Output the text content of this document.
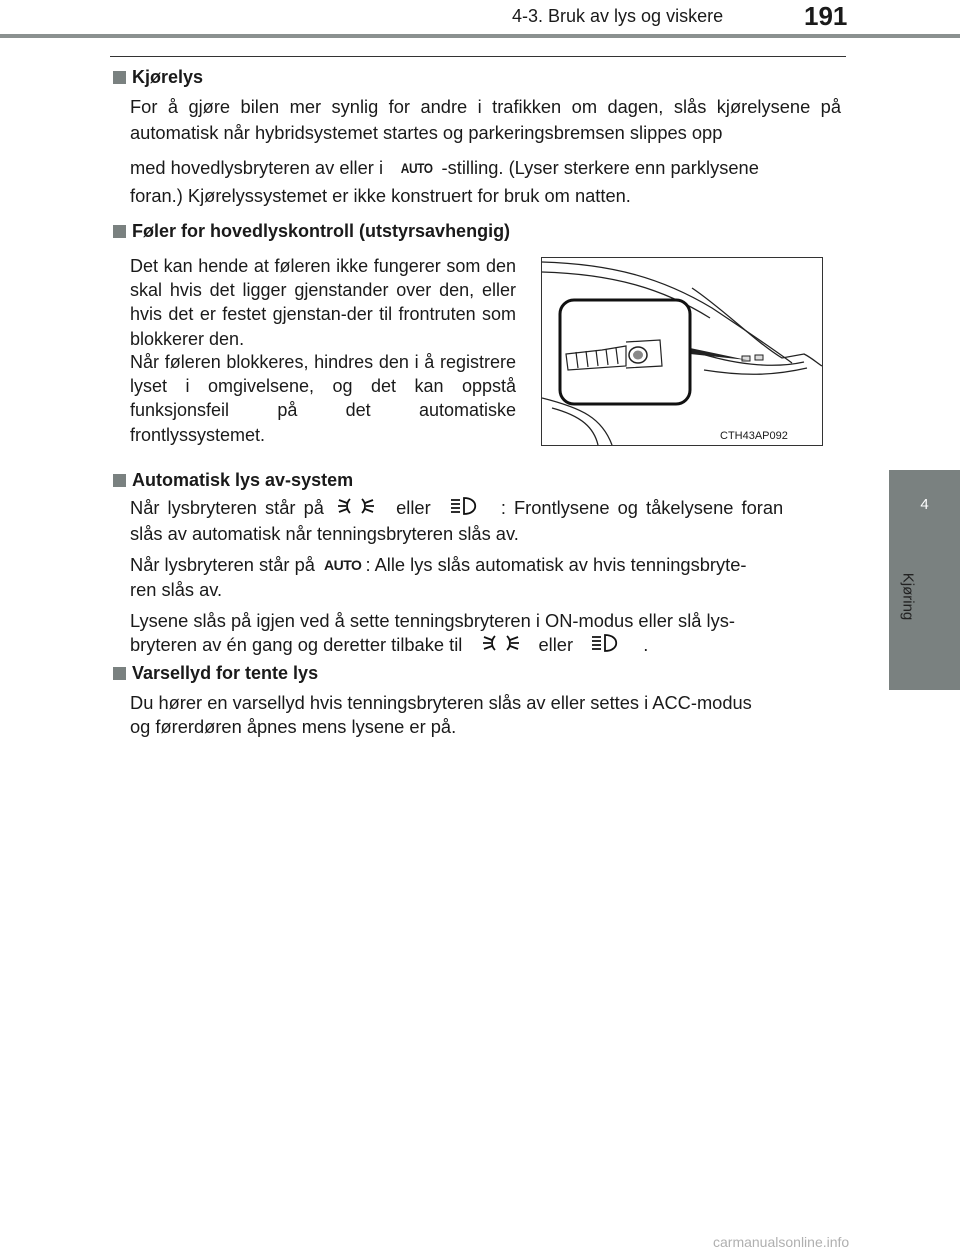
4-3. Bruk av lys og viskere	191
4
Kjøring
Kjørelys
For å gjøre bilen mer synlig for andre i trafikken om dagen, slås kjørelysene på automatisk når hybridsystemet startes og parkeringsbremsen slippes opp
med hovedlysbryteren av eller i AUTO -stilling. (Lyser sterkere enn parklysene
foran.) Kjørelyssystemet er ikke konstruert for bruk om natten.
Føler for hovedlyskontroll (utstyrsavhengig)
Det kan hende at føleren ikke fungerer som den skal hvis det ligger gjenstander over den, eller hvis det er festet gjenstan-der til frontruten som blokkerer den.
Når føleren blokkeres, hindres den i å registrere lyset i omgivelsene, og det kan oppstå funksjonsfeil på det automatiske frontlyssystemet.	CTH43AP092
Automatisk lys av-system
Når lysbryteren står på	eller	: Frontlysene og tåkelysene foran
slås av automatisk når tenningsbryteren slås av.
Når lysbryteren står på AUTO : Alle lys slås automatisk av hvis tenningsbryte-
ren slås av.
Lysene slås på igjen ved å sette tenningsbryteren i ON-modus eller slå lys-
bryteren av én gang og deretter tilbake til	eller	.
Varsellyd for tente lys
Du hører en varsellyd hvis tenningsbryteren slås av eller settes i ACC-modus
og førerdøren åpnes mens lysene er på.
carmanualsonline.info
